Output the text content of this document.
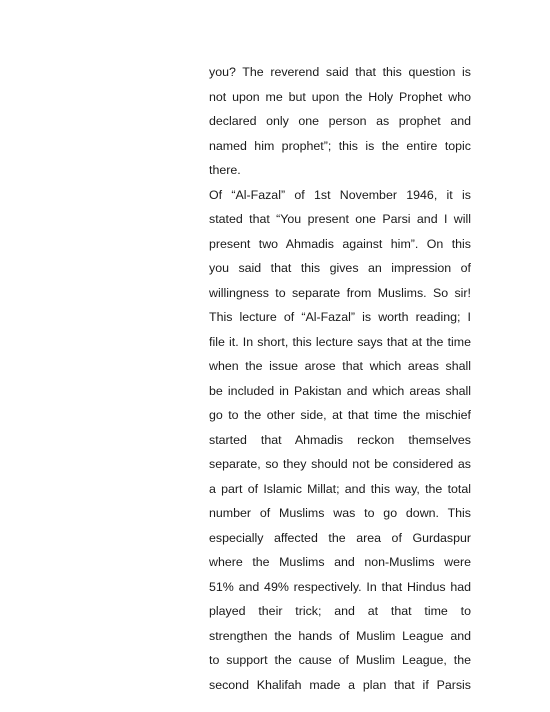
you? The reverend said that this question is
not upon me but upon the Holy Prophet who
declared only one person as prophet and
named him prophet”; this is the entire topic
there.
Of “Al-Fazal” of 1st November 1946, it is
stated that “You present one Parsi and I will
present two Ahmadis against him”. On this
you said that this gives an impression of
willingness to separate from Muslims. So sir!
This lecture of “Al-Fazal” is worth reading; I
file it. In short, this lecture says that at the time
when the issue arose that which areas shall
be included in Pakistan and which areas shall
go to the other side, at that time the mischief
started that Ahmadis reckon themselves
separate, so they should not be considered as
a part of Islamic Millat; and this way, the total
number of Muslims was to go down. This
especially affected the area of Gurdaspur
where the Muslims and non-Muslims were
51% and 49% respectively. In that Hindus had
played their trick; and at that time to
strengthen the hands of Muslim League and
to support the cause of Muslim League, the
second Khalifah made a plan that if Parsis
